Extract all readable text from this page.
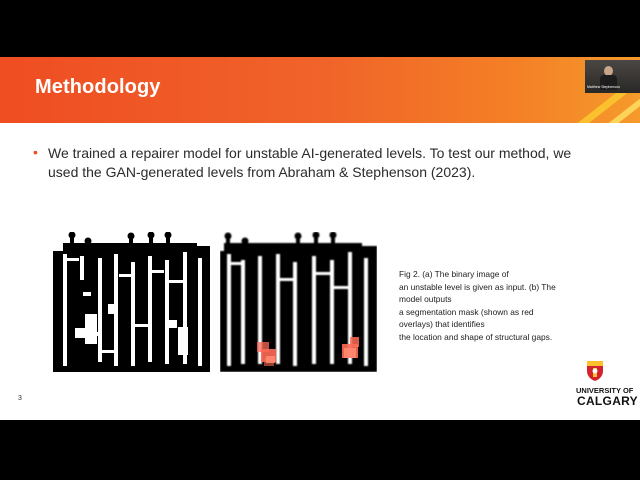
Methodology	Matthew Stephenson
• We trained a repairer model for unstable AI-generated levels. To test our method, we used the GAN-generated levels from Abraham & Stephenson (2023).

Fig 2. (a) The binary image of
an unstable level is given as input. (b) The
model outputs
a segmentation mask (shown as red
overlays) that identifies
the location and shape of structural gaps.

3
UNIVERSITY OF
CALGARY
